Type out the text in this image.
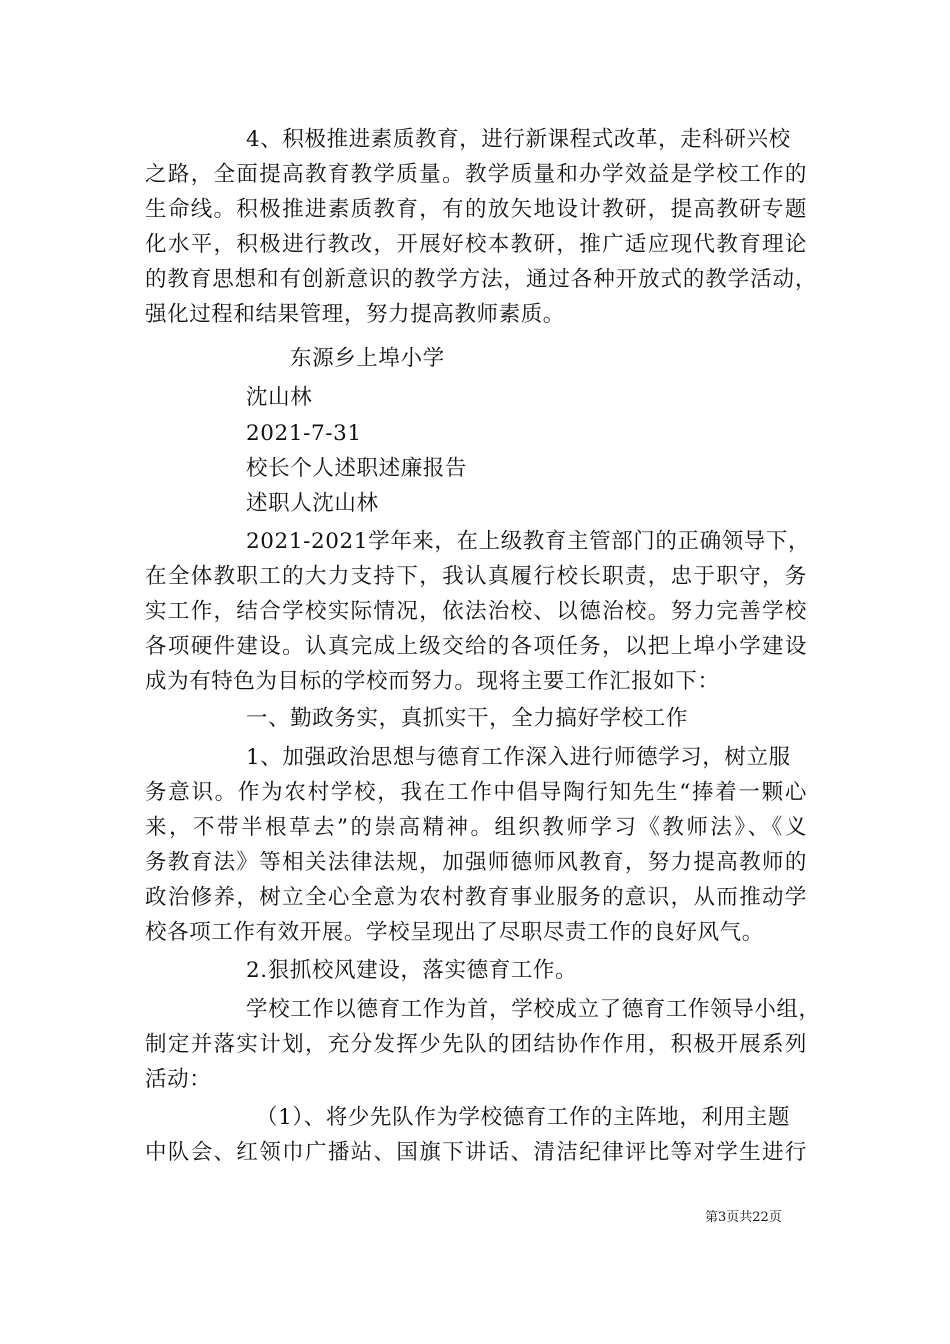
4、积极推进素质教育，进行新课程式改革，走科研兴校
之路，全面提高教育教学质量。教学质量和办学效益是学校工作的
生命线。积极推进素质教育，有的放矢地设计教研，提高教研专题
化水平，积极进行教改，开展好校本教研，推广适应现代教育理论
的教育思想和有创新意识的教学方法，通过各种开放式的教学活动，
强化过程和结果管理，努力提高教师素质。
东源乡上埠小学
沈山林
2021-7-31
校长个人述职述廉报告
述职人沈山林
2021-2021学年来，在上级教育主管部门的正确领导下，
在全体教职工的大力支持下，我认真履行校长职责，忠于职守，务
实工作，结合学校实际情况，依法治校、以德治校。努力完善学校
各项硬件建设。认真完成上级交给的各项任务，以把上埠小学建设
成为有特色为目标的学校而努力。现将主要工作汇报如下：
一、勤政务实，真抓实干，全力搞好学校工作
1、加强政治思想与德育工作深入进行师德学习，树立服
务意识。作为农村学校，我在工作中倡导陶行知先生“捧着一颗心
来，不带半根草去”的崇高精神。组织教师学习《教师法》、《义
务教育法》等相关法律法规，加强师德师风教育，努力提高教师的
政治修养，树立全心全意为农村教育事业服务的意识，从而推动学
校各项工作有效开展。学校呈现出了尽职尽责工作的良好风气。
2.狠抓校风建设，落实德育工作。
学校工作以德育工作为首，学校成立了德育工作领导小组，
制定并落实计划，充分发挥少先队的团结协作作用，积极开展系列
活动：
（1）、将少先队作为学校德育工作的主阵地，利用主题
中队会、红领巾广播站、国旗下讲话、清洁纪律评比等对学生进行
第3页共22页
